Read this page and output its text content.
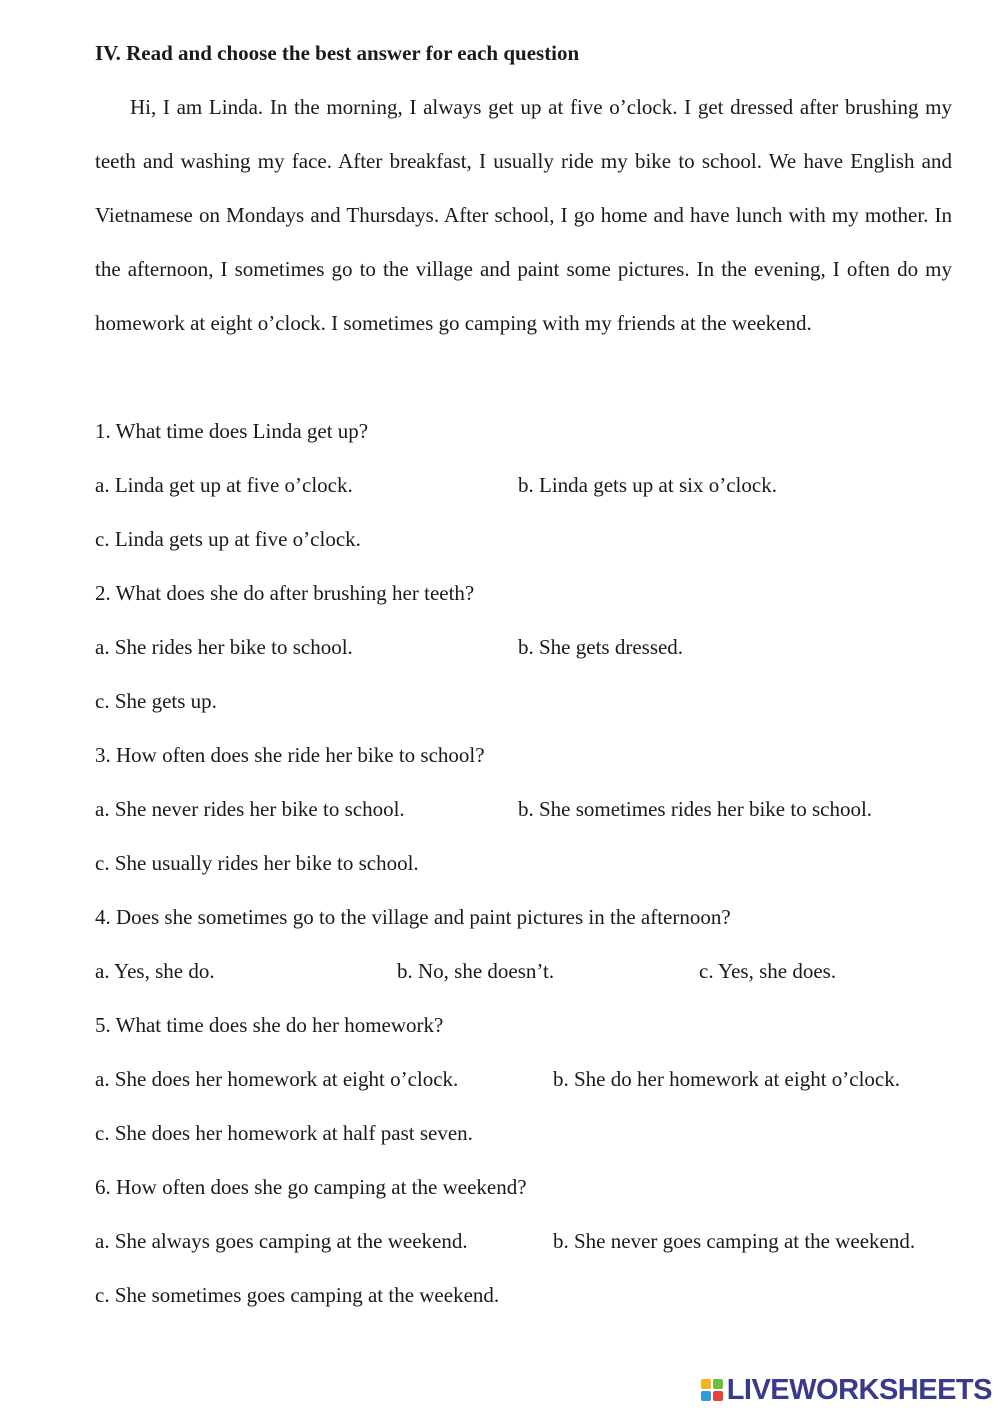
IV. Read and choose the best answer for each question
Hi, I am Linda. In the morning, I always get up at five o’clock. I get dressed after brushing my teeth and washing my face. After breakfast, I usually ride my bike to school. We have English and Vietnamese on Mondays and Thursdays. After school, I go home and have lunch with my mother. In the afternoon, I sometimes go to the village and paint some pictures. In the evening, I often do my homework at eight o’clock. I sometimes go camping with my friends at the weekend.
1. What time does Linda get up?
a. Linda get up at five o’clock.	b. Linda gets up at six o’clock.
c. Linda gets up at five o’clock.
2. What does she do after brushing her teeth?
a. She rides her bike to school.	b. She gets dressed.
c. She gets up.
3. How often does she ride her bike to school?
a. She never rides her bike to school.	b. She sometimes rides her bike to school.
c. She usually rides her bike to school.
4. Does she sometimes go to the village and paint pictures in the afternoon?
a. Yes, she do.	b. No, she doesn’t.	c. Yes, she does.
5. What time does she do her homework?
a. She does her homework at eight o’clock.	b. She do her homework at eight o’clock.
c. She does her homework at half past seven.
6. How often does she go camping at the weekend?
a. She always goes camping at the weekend.	b. She never goes camping at the weekend.
c. She sometimes goes camping at the weekend.
LIVEWORKSHEETS
